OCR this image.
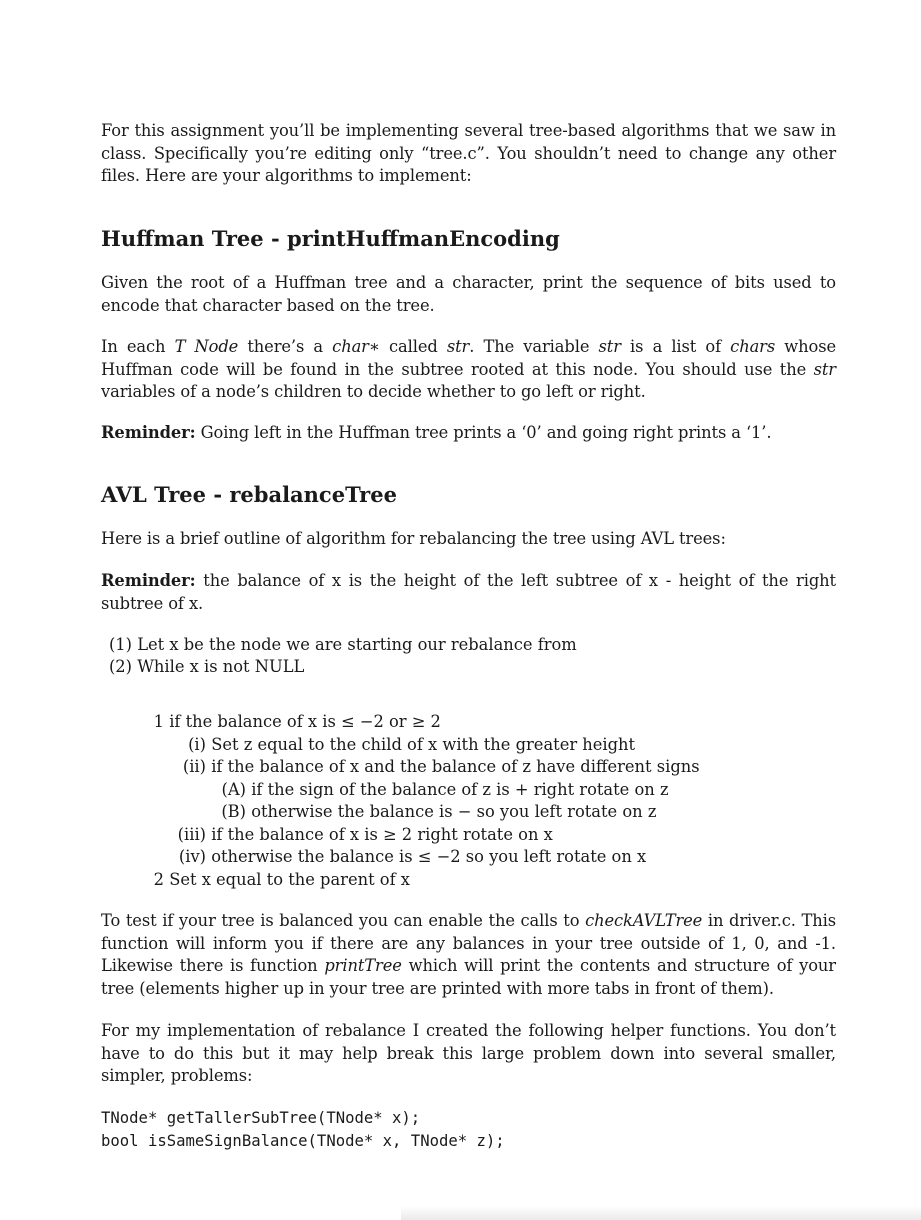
For this assignment you’ll be implementing several tree-based algorithms that we saw in class. Specifically you’re editing only “tree.c”. You shouldn’t need to change any other files. Here are your algorithms to implement:

Huffman Tree - printHuffmanEncoding

Given the root of a Huffman tree and a character, print the sequence of bits used to encode that character based on the tree.

In each T Node there’s a char∗ called str. The variable str is a list of chars whose Huffman code will be found in the subtree rooted at this node. You should use the str variables of a node’s children to decide whether to go left or right.

Reminder: Going left in the Huffman tree prints a ‘0’ and going right prints a ‘1’.

AVL Tree - rebalanceTree

Here is a brief outline of algorithm for rebalancing the tree using AVL trees:

Reminder: the balance of x is the height of the left subtree of x - height of the right subtree of x.

(1) Let x be the node we are starting our rebalance from
(2) While x is not NULL
1 if the balance of x is ≤ −2 or ≥ 2
(i) Set z equal to the child of x with the greater height
(ii) if the balance of x and the balance of z have different signs
(A) if the sign of the balance of z is + right rotate on z
(B) otherwise the balance is − so you left rotate on z
(iii) if the balance of x is ≥ 2 right rotate on x
(iv) otherwise the balance is ≤ −2 so you left rotate on x
2 Set x equal to the parent of x

To test if your tree is balanced you can enable the calls to checkAVLTree in driver.c. This function will inform you if there are any balances in your tree outside of 1, 0, and -1. Likewise there is function printTree which will print the contents and structure of your tree (elements higher up in your tree are printed with more tabs in front of them).

For my implementation of rebalance I created the following helper functions. You don’t have to do this but it may help break this large problem down into several smaller, simpler, problems:

TNode* getTallerSubTree(TNode* x);
bool isSameSignBalance(TNode* x, TNode* z);
